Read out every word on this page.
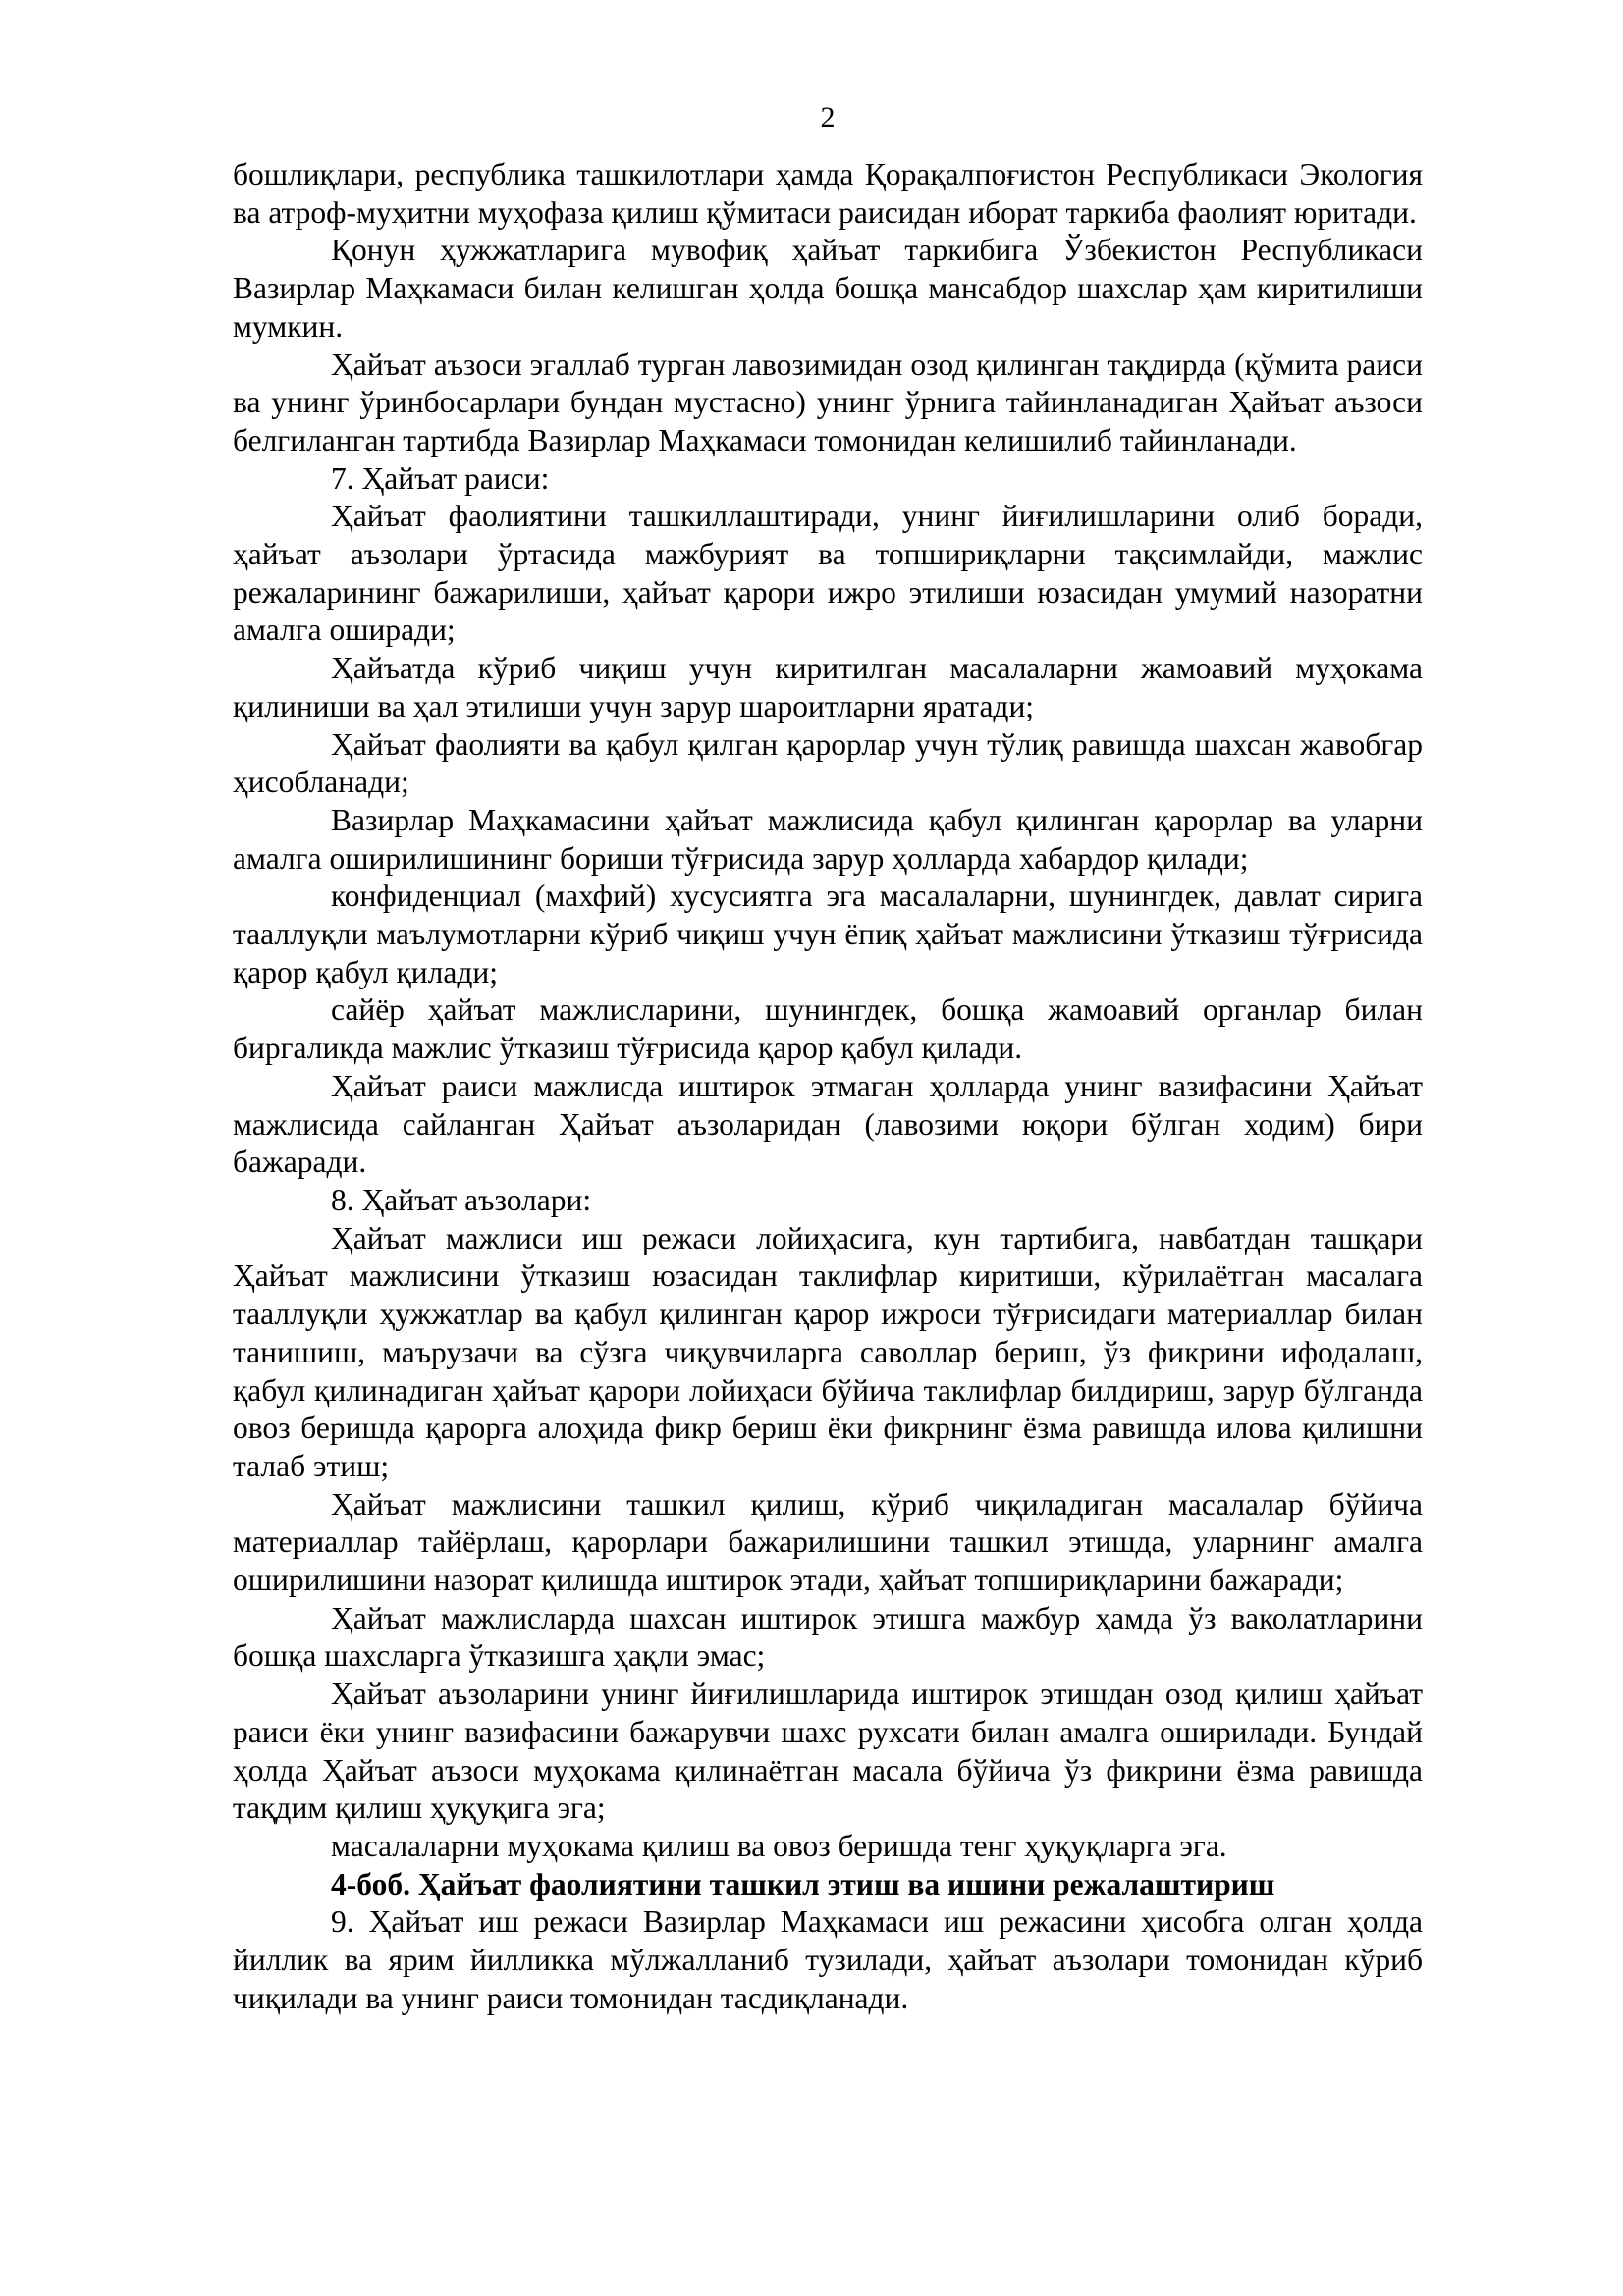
2

бошлиқлари, республика ташкилотлари ҳамда Қорақалпоғистон Республикаси Экология ва атроф-муҳитни муҳофаза қилиш қўмитаси раисидан иборат таркиба фаолият юритади.

Қонун ҳужжатларига мувофиқ ҳайъат таркибига Ўзбекистон Республикаси Вазирлар Маҳкамаси билан келишган ҳолда бошқа мансабдор шахслар ҳам киритилиши мумкин.

Ҳайъат аъзоси эгаллаб турган лавозимидан озод қилинган тақдирда (қўмита раиси ва унинг ўринбосарлари бундан мустасно) унинг ўрнига тайинланадиган Ҳайъат аъзоси белгиланган тартибда Вазирлар Маҳкамаси томонидан келишилиб тайинланади.

7. Ҳайъат раиси:

Ҳайъат фаолиятини ташкиллаштиради, унинг йиғилишларини олиб боради, ҳайъат аъзолари ўртасида мажбурият ва топшириқларни тақсимлайди, мажлис режаларининг бажарилиши, ҳайъат қарори ижро этилиши юзасидан умумий назоратни амалга оширади;

Ҳайъатда кўриб чиқиш учун киритилган масалаларни жамоавий муҳокама қилиниши ва ҳал этилиши учун зарур шароитларни яратади;

Ҳайъат фаолияти ва қабул қилган қарорлар учун тўлиқ равишда шахсан жавобгар ҳисобланади;

Вазирлар Маҳкамасини ҳайъат мажлисида қабул қилинган қарорлар ва уларни амалга оширилишининг бориши тўғрисида зарур ҳолларда хабардор қилади;

конфиденциал (махфий) хусусиятга эга масалаларни, шунингдек, давлат сирига тааллуқли маълумотларни кўриб чиқиш учун ёпиқ ҳайъат мажлисини ўтказиш тўғрисида қарор қабул қилади;

сайёр ҳайъат мажлисларини, шунингдек, бошқа жамоавий органлар билан биргаликда мажлис ўтказиш тўғрисида қарор қабул қилади.

Ҳайъат раиси мажлисда иштирок этмаган ҳолларда унинг вазифасини Ҳайъат мажлисида сайланган Ҳайъат аъзоларидан (лавозими юқори бўлган ходим) бири бажаради.

8. Ҳайъат аъзолари:

Ҳайъат мажлиси иш режаси лойиҳасига, кун тартибига, навбатдан ташқари Ҳайъат мажлисини ўтказиш юзасидан таклифлар киритиши, кўрилаётган масалага тааллуқли ҳужжатлар ва қабул қилинган қарор ижроси тўғрисидаги материаллар билан танишиш, маърузачи ва сўзга чиқувчиларга саволлар бериш, ўз фикрини ифодалаш, қабул қилинадиган ҳайъат қарори лойиҳаси бўйича таклифлар билдириш, зарур бўлганда овоз беришда қарорга алоҳида фикр бериш ёки фикрнинг ёзма равишда илова қилишни талаб этиш;

Ҳайъат мажлисини ташкил қилиш, кўриб чиқиладиган масалалар бўйича материаллар тайёрлаш, қарорлари бажарилишини ташкил этишда, уларнинг амалга оширилишини назорат қилишда иштирок этади, ҳайъат топшириқларини бажаради;

Ҳайъат мажлисларда шахсан иштирок этишга мажбур ҳамда ўз ваколатларини бошқа шахсларга ўтказишга ҳақли эмас;

Ҳайъат аъзоларини унинг йиғилишларида иштирок этишдан озод қилиш ҳайъат раиси ёки унинг вазифасини бажарувчи шахс рухсати билан амалга оширилади. Бундай ҳолда Ҳайъат аъзоси муҳокама қилинаётган масала бўйича ўз фикрини ёзма равишда тақдим қилиш ҳуқуқига эга;

масалаларни муҳокама қилиш ва овоз беришда тенг ҳуқуқларга эга.

4-боб. Ҳайъат фаолиятини ташкил этиш ва ишини режалаштириш

9. Ҳайъат иш режаси Вазирлар Маҳкамаси иш режасини ҳисобга олган ҳолда йиллик ва ярим йилликка мўлжалланиб тузилади, ҳайъат аъзолари томонидан кўриб чиқилади ва унинг раиси томонидан тасдиқланади.
